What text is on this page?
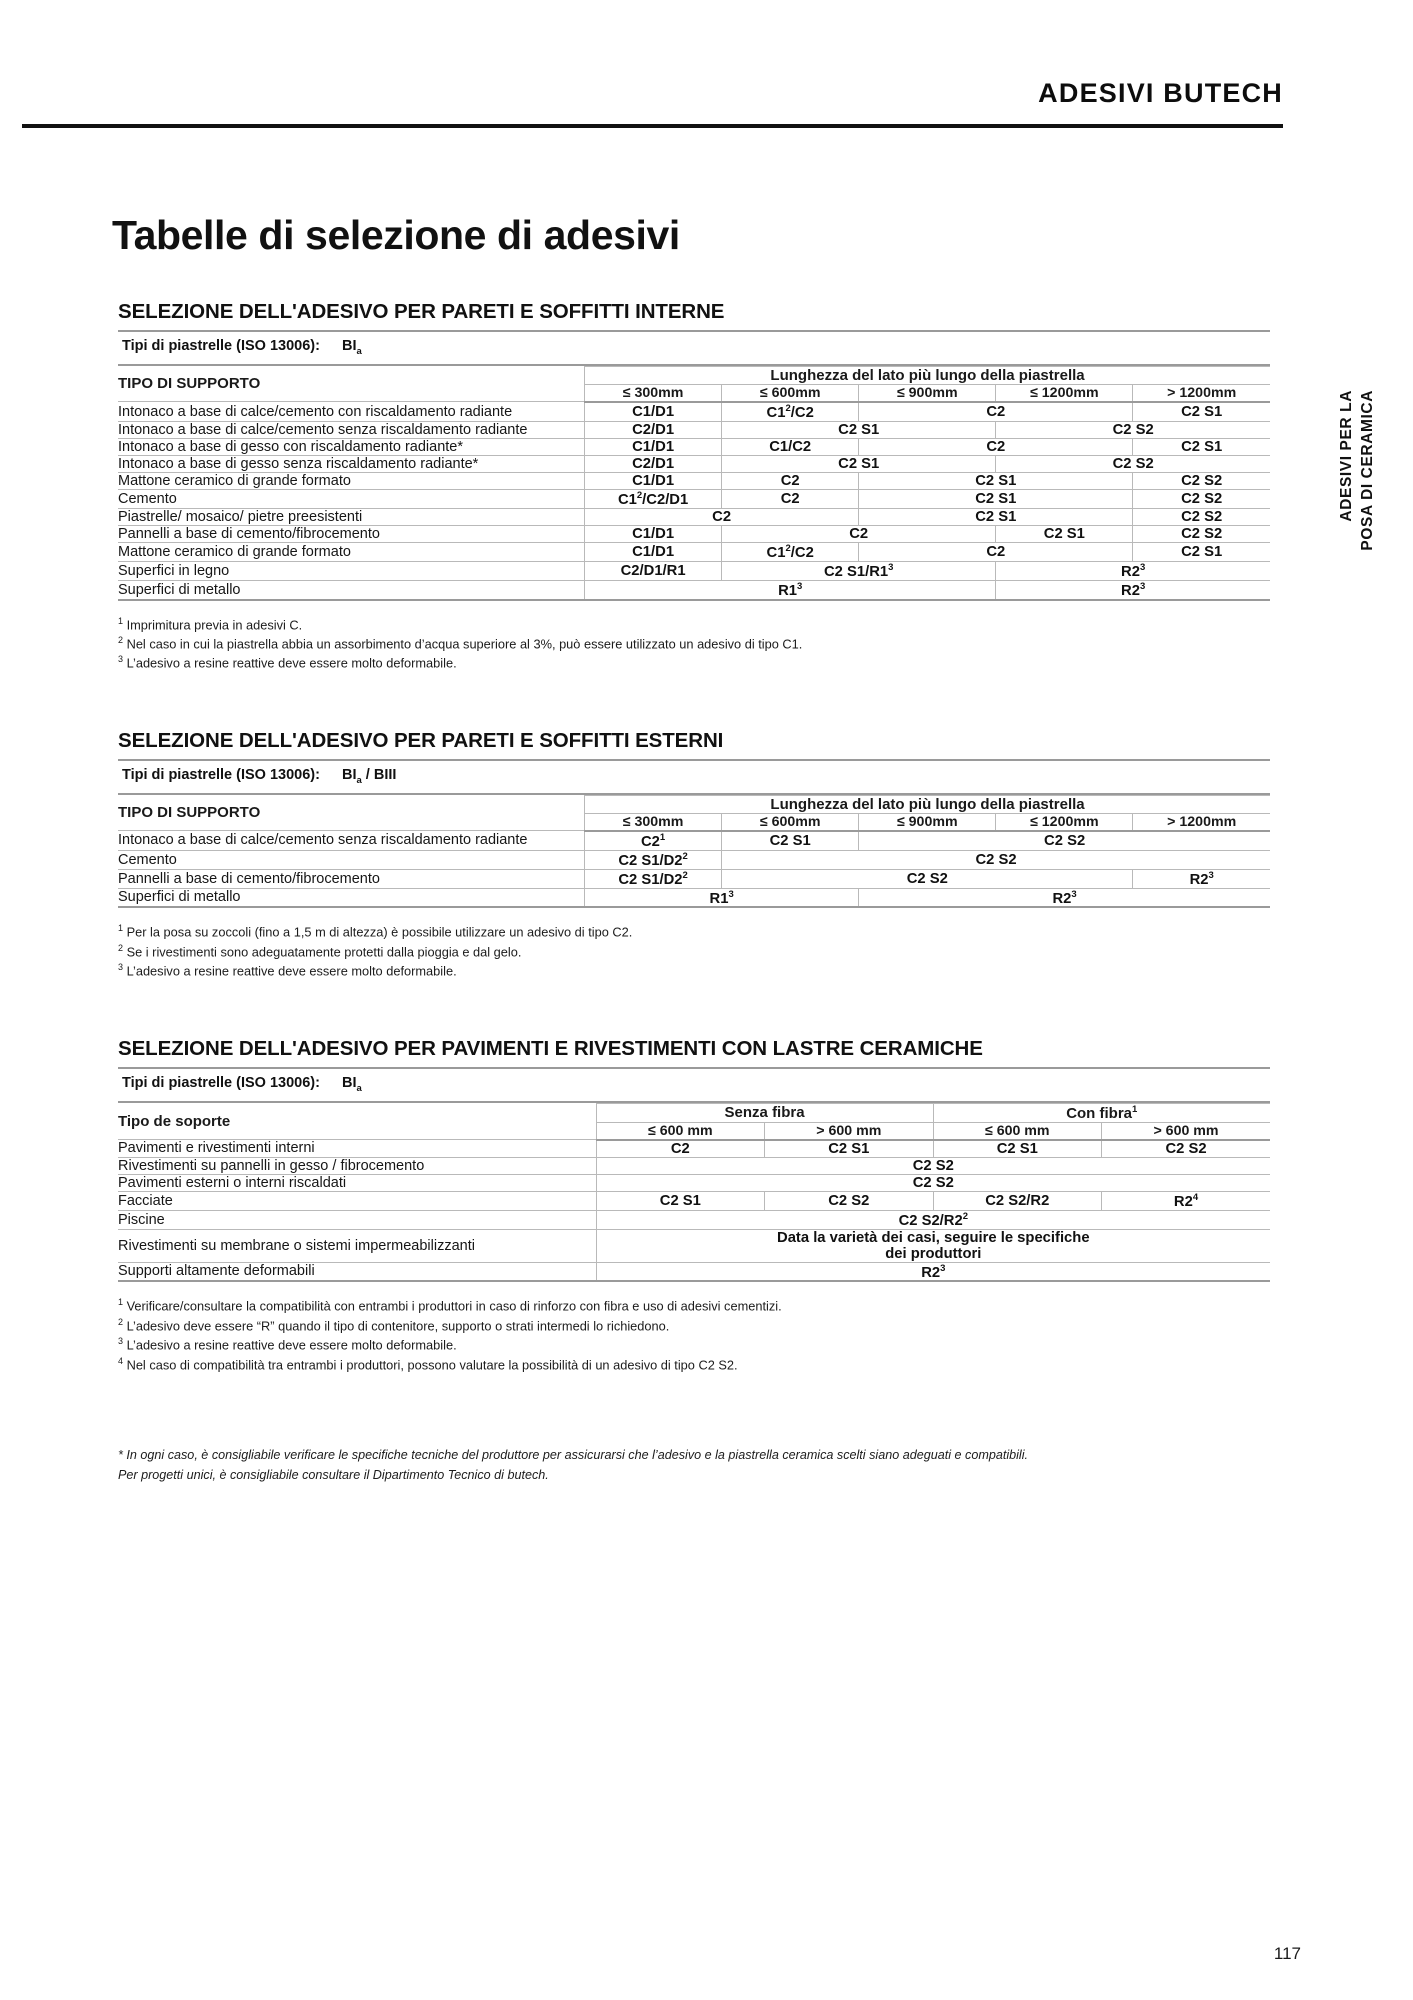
ADESIVI BUTECH
ADESIVI PER LA POSA DI CERAMICA
Tabelle di selezione di adesivi
SELEZIONE DELL'ADESIVO PER PARETI E SOFFITTI INTERNE
Tipi di piastrelle (ISO 13006): $BI_a$
TIPO DI SUPPORTO	Lunghezza del lato più lungo della piastrella				
	≤ 300mm	≤ 600mm	≤ 900mm	≤ 1200mm	> 1200mm
Intonaco a base di calce/cemento con riscaldamento radiante	C1/D1	$C1^2/C2$	C2		C2 S1
Intonaco a base di calce/cemento senza riscaldamento radiante	C2/D1	C2 S1		C2 S2	
Intonaco a base di gesso con riscaldamento radiante*	C1/D1	C1/C2	C2		C2 S1
Intonaco a base di gesso senza riscaldamento radiante*	C2/D1	C2 S1		C2 S2	
Mattone ceramico di grande formato	C1/D1	C2	C2 S1		C2 S2
Cemento	$C1^2/C2/D1$	C2	C2 S1		C2 S2
Piastrelle/ mosaico/ pietre preesistenti	C2		C2 S1		C2 S2
Pannelli a base di cemento/fibrocemento	C1/D1	C2		C2 S1	C2 S2
Mattone ceramico di grande formato	C1/D1	$C1^2/C2$	C2		C2 S1
Superfici in legno	C2/D1/R1	C2 $S1/R1^3$		$R2^3$
Superfici di metallo	$R1^3$			$R2^3$
$^1$ Imprimitura previa in adesivi C.
$^2$ Nel caso in cui la piastrella abbia un assorbimento d’acqua superiore al 3%, può essere utilizzato un adesivo di tipo C1.
$^3$ L’adesivo a resine reattive deve essere molto deformabile.
SELEZIONE DELL'ADESIVO PER PARETI E SOFFITTI ESTERNI
Tipi di piastrelle (ISO 13006): $BI_a$ / BIII
TIPO DI SUPPORTO	Lunghezza del lato più lungo della piastrella				
	≤ 300mm	≤ 600mm	≤ 900mm	≤ 1200mm	> 1200mm
Intonaco a base di calce/cemento senza riscaldamento radiante	$C2^1$	C2 S1	C2 S2		
Cemento	C2 $S1/D2^2$	C2 S2			
Pannelli a base di cemento/fibrocemento	C2 $S1/D2^2$	C2 S2			$R2^3$
Superfici di metallo	$R1^3$		$R2^3$
$^1$ Per la posa su zoccoli (fino a 1,5 m di altezza) è possibile utilizzare un adesivo di tipo C2.
$^2$ Se i rivestimenti sono adeguatamente protetti dalla pioggia e dal gelo.
$^3$ L’adesivo a resine reattive deve essere molto deformabile.
SELEZIONE DELL'ADESIVO PER PAVIMENTI E RIVESTIMENTI CON LASTRE CERAMICHE
Tipi di piastrelle (ISO 13006): $BI_a$
Tipo de soporte	Senza fibra		Con fibra$^1$
	≤ 600 mm	> 600 mm	≤ 600 mm	> 600 mm
Pavimenti e rivestimenti interni	C2	C2 S1	C2 S1	C2 S2
Rivestimenti su pannelli in gesso / fibrocemento	C2 S2			
Pavimenti esterni o interni riscaldati	C2 S2			
Facciate	C2 S1	C2 S2	C2 S2/R2	$R2^4$
Piscine	C2 $S2/R2^2$
Rivestimenti su membrane o sistemi impermeabilizzanti	Data la varietà dei casi, seguire le specifiche
dei produttori			
Supporti altamente deformabili	$R2^3$
$^1$ Verificare/consultare la compatibilità con entrambi i produttori in caso di rinforzo con fibra e uso di adesivi cementizi.
$^2$ L’adesivo deve essere “R” quando il tipo di contenitore, supporto o strati intermedi lo richiedono.
$^3$ L’adesivo a resine reattive deve essere molto deformabile.
$^4$ Nel caso di compatibilità tra entrambi i produttori, possono valutare la possibilità di un adesivo di tipo C2 S2.
* In ogni caso, è consigliabile verificare le specifiche tecniche del produttore per assicurarsi che l’adesivo e la piastrella ceramica scelti siano adeguati e compatibili. Per progetti unici, è consigliabile consultare il Dipartimento Tecnico di butech.
117
